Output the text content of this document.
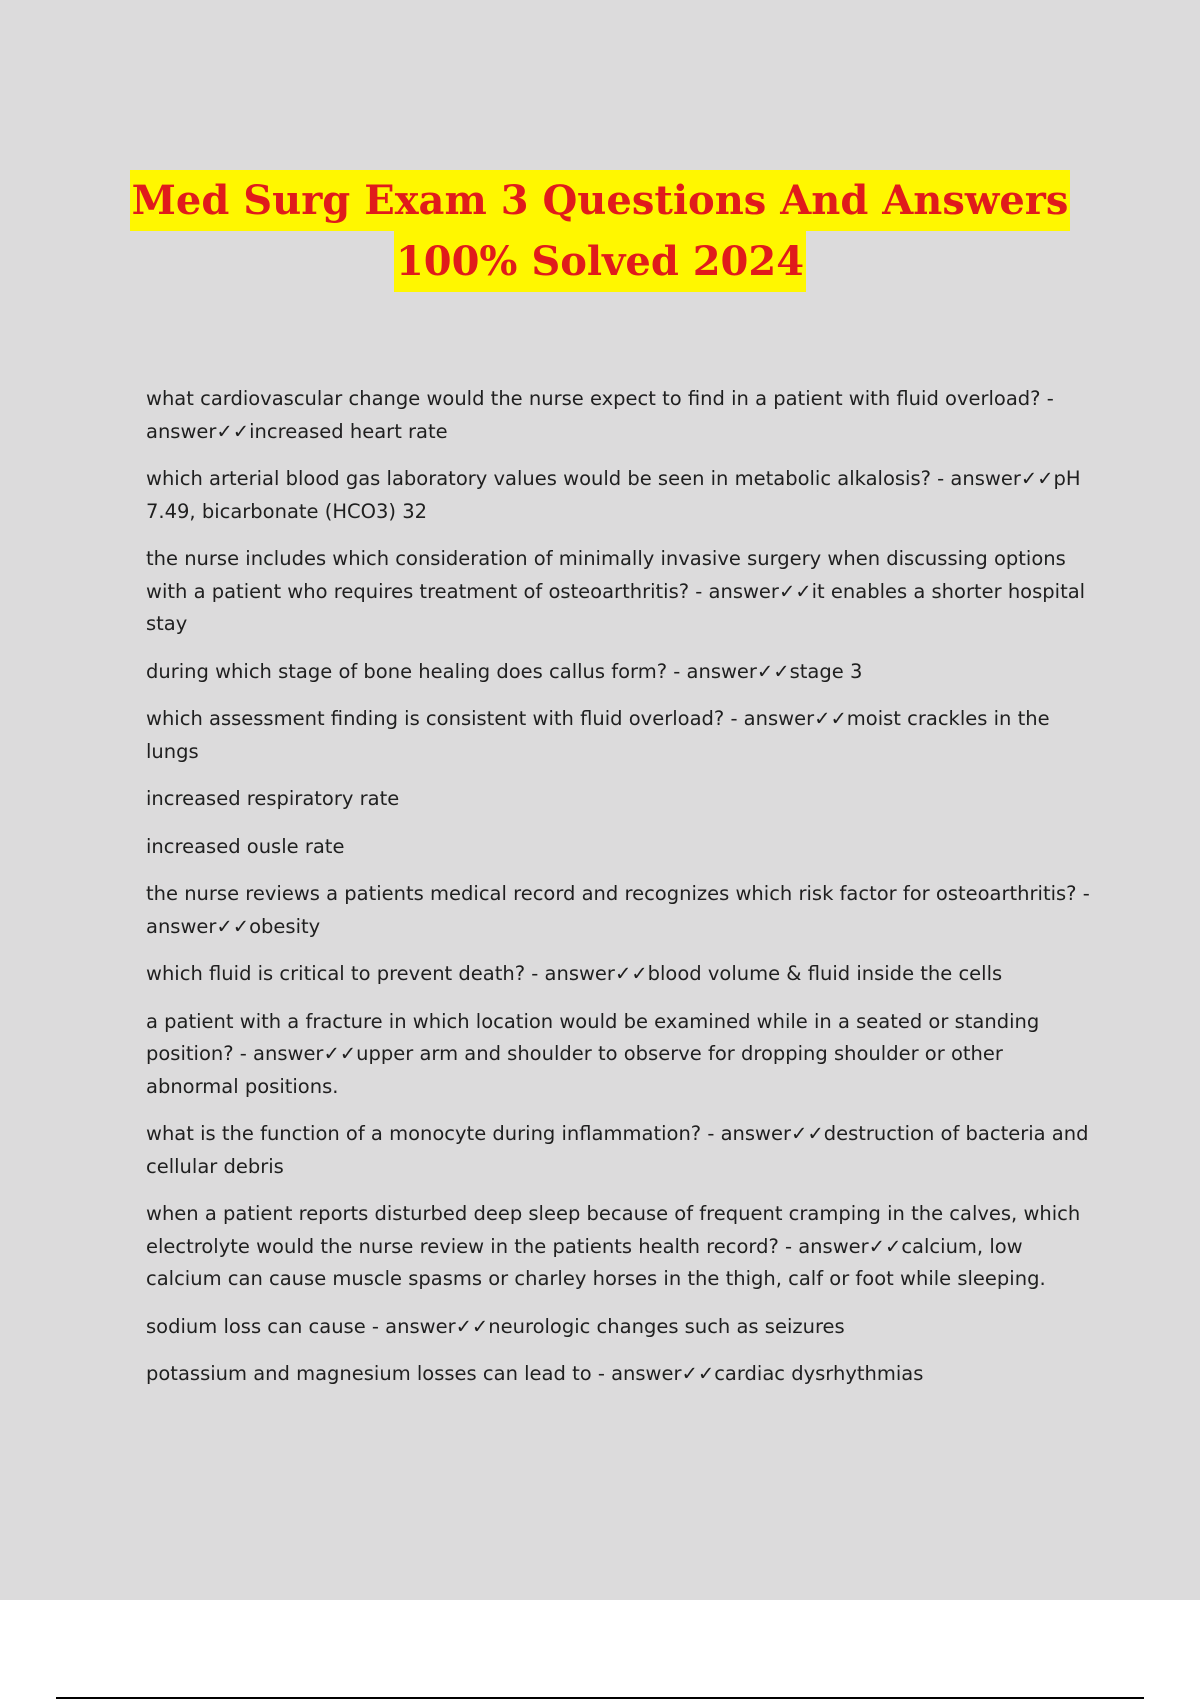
Med Surg Exam 3 Questions And Answers
100% Solved 2024

what cardiovascular change would the nurse expect to find in a patient with fluid overload? - answer✓✓increased heart rate

which arterial blood gas laboratory values would be seen in metabolic alkalosis? - answer✓✓pH 7.49, bicarbonate (HCO3) 32

the nurse includes which consideration of minimally invasive surgery when discussing options with a patient who requires treatment of osteoarthritis? - answer✓✓it enables a shorter hospital stay

during which stage of bone healing does callus form? - answer✓✓stage 3

which assessment finding is consistent with fluid overload? - answer✓✓moist crackles in the lungs

increased respiratory rate

increased ousle rate

the nurse reviews a patients medical record and recognizes which risk factor for osteoarthritis? - answer✓✓obesity

which fluid is critical to prevent death? - answer✓✓blood volume & fluid inside the cells

a patient with a fracture in which location would be examined while in a seated or standing position? - answer✓✓upper arm and shoulder to observe for dropping shoulder or other abnormal positions.

what is the function of a monocyte during inflammation? - answer✓✓destruction of bacteria and cellular debris

when a patient reports disturbed deep sleep because of frequent cramping in the calves, which electrolyte would the nurse review in the patients health record? - answer✓✓calcium, low calcium can cause muscle spasms or charley horses in the thigh, calf or foot while sleeping.

sodium loss can cause - answer✓✓neurologic changes such as seizures

potassium and magnesium losses can lead to - answer✓✓cardiac dysrhythmias
